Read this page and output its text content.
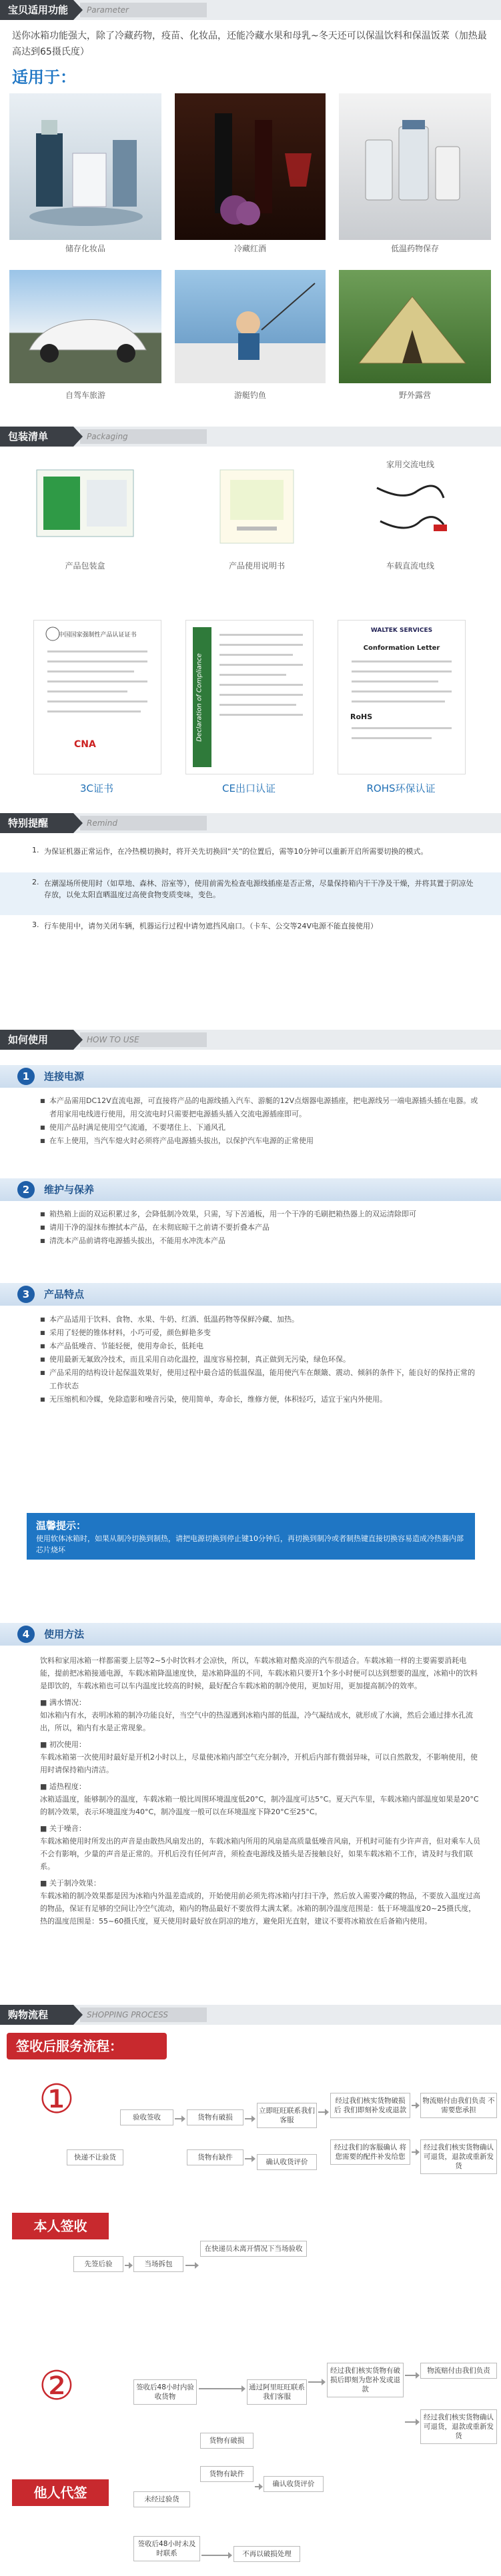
宝贝适用功能	Parameter
送你冰箱功能强大，除了冷藏药物，疫苗、化妆品，还能冷藏水果和母乳~冬天还可以保温饮料和保温饭菜（加热最高达到65摄氏度）
适用于：
储存化妆品	冷藏红酒	低温药物保存
自驾车旅游	游艇钓鱼	野外露营
包装清单	Packaging
家用交流电线
产品包装盒	产品使用说明书	车载直流电线
中国国家强制性产品认证证书
CNA
Declaration of Compliance
WALTEK SERVICES
Conformation Letter
RoHS
3C证书	CE出口认证	ROHS环保认证
特别提醒	Remind
1. 为保证机器正常运作，在冷热模切换时，将开关先切换回“关”的位置后，需等10分钟可以重新开启所需要切换的模式。
2. 在潮湿场所使用时（如草地、森林、浴室等），使用前需先检查电源线插座是否正常，尽量保持箱内干干净及干燥，并将其置于阴凉处存放，以免太阳直晒温度过高使食物变质变味，变色。
3. 行车使用中，请勿关闭车辆，机器运行过程中请勿遮挡风扇口。（卡车、公交等24V电源不能直接使用）
如何使用	HOW TO USE
1	连接电源
■ 本产品需用DC12V直流电源，可直接将产品的电源线插入汽车、游艇的12V点烟器电源插座，把电源线另一端电源插头插在电器。或者用家用电线进行使用，用交流电时只需要把电源插头插入交流电源插座即可。
■ 使用产品时满足使用空气流通，不要堵住上、下通风孔
■ 在车上使用，当汽车熄火时必须将产品电源插头拔出，以保护汽车电源的正常使用
2	维护与保养
■ 箱热箱上面的双运积累过多，会降低制冷效果，只需，写下苦通板，用一个干净的毛刷把箱热器上的双运清除即可
■ 请用干净的湿抹布擦拭本产品，在未彻底晾干之前请不要折叠本产品
■ 清洗本产品前请将电源插头拔出，不能用水冲洗本产品
3	产品特点
■ 本产品适用于饮料、食物、水果、牛奶、红酒、低温药物等保鲜冷藏、加热。
■ 采用了轻便的锥体材料，小巧可爱，颜色鲜艳多变
■ 本产品低噪音、节能轻便，使用寿命长，低耗电
■ 使用最新无氟致冷技术，而且采用自动化温控，温度容易控制，真正做到无污染，绿色环保。
■ 产品采用的结构设计起保温效果好，使用过程中最合适的低温保温，能用使汽车在颠簸、震动、倾斜的条件下，能良好的保持正常的工作状态
■ 无压缩机和冷媒，免除造影和噪音污染，使用简单，寿命长，维修方便，体积轻巧，适宜于室内外使用。
温馨提示：
使用软体冰箱时，如果从制冷切换到制热，请把电源切换到停止键10分钟后，再切换到制冷或者制热键直接切换容易造成冷热器内部芯片烧坏
4	使用方法
饮料和家用冰箱一样都需要上层等2~5小时饮料才会凉快，所以，车载冰箱对酷炎凉的汽车很适合。车载冰箱一样的主要需要消耗电能，提前把冰箱接通电源，车载冰箱降温速度快，是冰箱降温的不同，车载冰箱只要开1个多小时便可以达到想要的温度，冰箱中的饮料是即饮的，车载冰箱也可以车内温度比较高的时候，最好配合车载冰箱的制冷使用，更加好用，更加提高制冷的效率。
■ 满水情况：
如冰箱内有水，表明冰箱的制冷功能良好，当空气中的热湿遇到冰箱内部的低温，冷气凝结成水，就形成了水滴，然后会通过排水孔流出，所以，箱内有水是正常现象。
■ 初次使用：
车载冰箱第一次使用时最好是开机2小时以上，尽量使冰箱内部空气充分制冷，开机后内部有微弱异味，可以自然散发，不影响使用，使用时请保持箱内清洁。
■ 适热程度：
冰箱适温度，能够制冷的温度，车载冰箱一般比周围环境温度低20°C，制冷温度可达5°C。夏天汽车里，车载冰箱内部温度如果是20°C的制冷效果，表示环境温度为40°C，制冷温度一般可以在环境温度下降20°C至25°C。
■ 关于噪音：
车载冰箱使用时所发出的声音是由散热风扇发出的，车载冰箱内所用的风扇是高质量低噪音风扇，开机时可能有少许声音，但对乘车人员不会有影响，少量的声音是正常的。开机后没有任何声音，须检查电源线及插头是否接触良好，如果车载冰箱不工作，请及时与我们联系。
■ 关于制冷效果：
车载冰箱的制冷效果都是因为冰箱内外温差造成的，开始使用前必须先将冰箱内打扫干净，然后放入需要冷藏的物品，不要放入温度过高的物品，保证有足够的空间让冷空气流动，箱内的物品最好不要放得太满太紧。冰箱的制冷温度范围是：低于环境温度20~25摄氏度，热的温度范围是：55~60摄氏度，夏天使用时最好放在阴凉的地方，避免阳光直射，建议不要将冰箱放在后备箱内使用。
购物流程	SHOPPING PROCESS
签收后服务流程：
①
本人签收
验收签收	货物有破损
立即旺旺联系我们客服
经过我们核实货物破损后 我们即刻补发或退款
物流赔付由我们负责 不需要您承担
快递不让验货	货物有缺件
确认收货评价
经过我们的客服确认 将您需要的配件补发给您
经过我们核实货物确认 可退货，退款或重新发货
先签后验	当场拆包
在快递员未离开情况下当场验收
②
他人代签
签收后48小时内验收货物
货物有破损
通过阿里旺旺联系我们客服
经过我们核实货物有破损后即刻为您补发或退款
物流赔付由我们负责
未经过验货
货物有缺件
确认收货评价
签收后48小时未及时联系	不再以破损处理
经过我们核实货物确认 可退货，退款或重新发货
